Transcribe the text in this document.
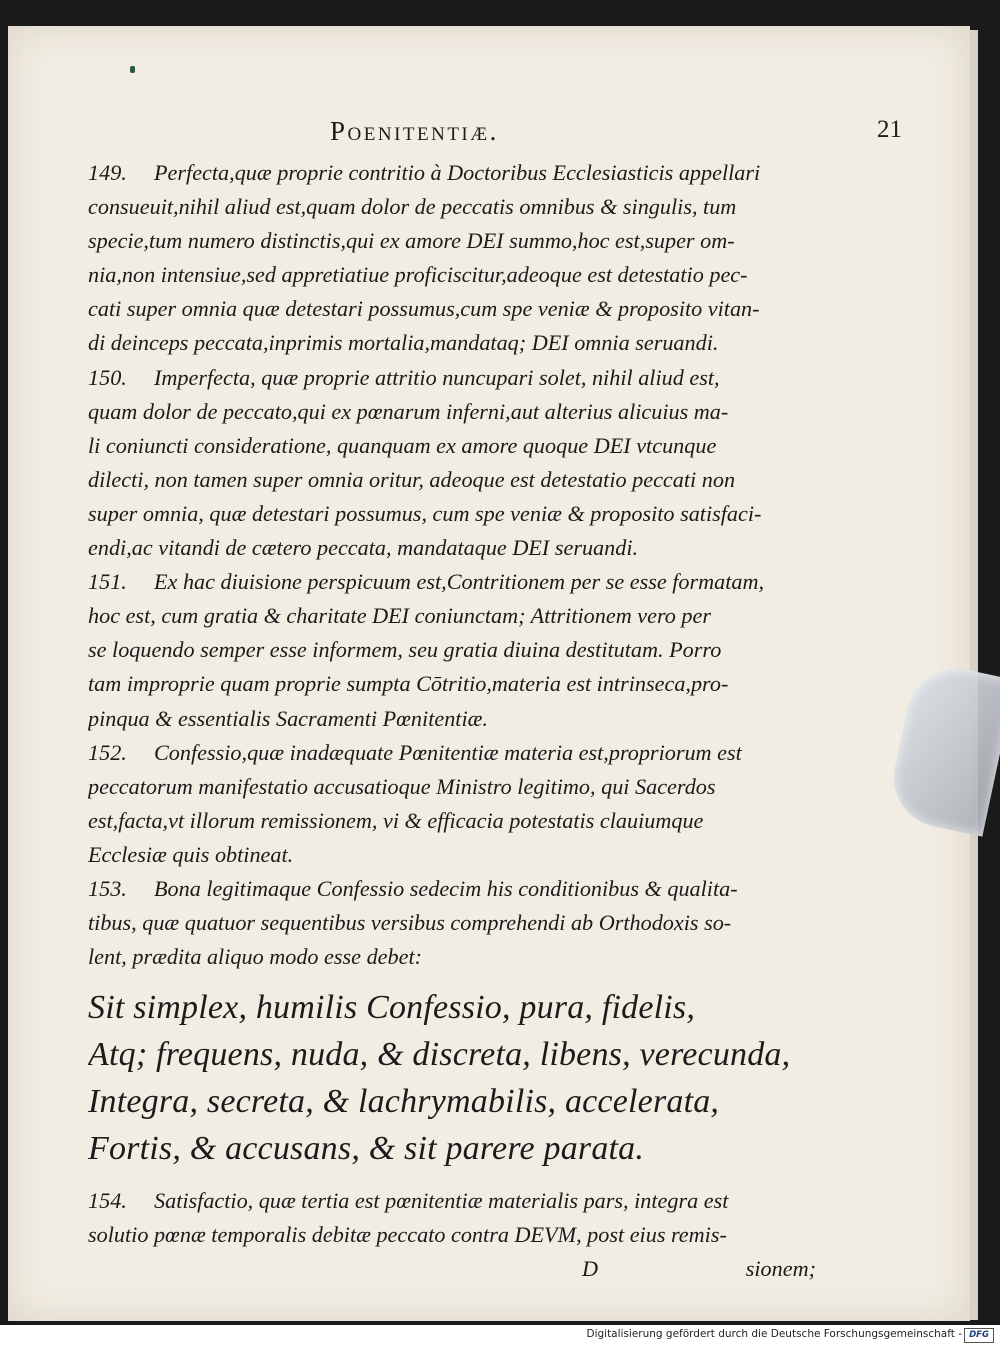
Poenitentiæ.	21
149. Perfecta,quæ proprie contritio à Doctoribus Ecclesiasticis appellari
consueuit,nihil aliud est,quam dolor de peccatis omnibus & singulis, tum
specie,tum numero distinctis,qui ex amore DEI summo,hoc est,super om-
nia,non intensiue,sed appretiatiue proficiscitur,adeoque est detestatio pec-
cati super omnia quæ detestari possumus,cum spe veniæ & proposito vitan-
di deinceps peccata,inprimis mortalia,mandataq; DEI omnia seruandi.
150. Imperfecta, quæ proprie attritio nuncupari solet, nihil aliud est,
quam dolor de peccato,qui ex pœnarum inferni,aut alterius alicuius ma-
li coniuncti consideratione, quanquam ex amore quoque DEI vtcunque
dilecti, non tamen super omnia oritur, adeoque est detestatio peccati non
super omnia, quæ detestari possumus, cum spe veniæ & proposito satisfaci-
endi,ac vitandi de cætero peccata, mandataque DEI seruandi.
151. Ex hac diuisione perspicuum est,Contritionem per se esse formatam,
hoc est, cum gratia & charitate DEI coniunctam; Attritionem vero per
se loquendo semper esse informem, seu gratia diuina destitutam. Porro
tam improprie quam proprie sumpta Cōtritio,materia est intrinseca,pro-
pinqua & essentialis Sacramenti Pœnitentiæ.
152. Confessio,quæ inadæquate Pœnitentiæ materia est,propriorum est
peccatorum manifestatio accusatioque Ministro legitimo, qui Sacerdos
est,facta,vt illorum remissionem, vi & efficacia potestatis clauiumque
Ecclesiæ quis obtineat.
153. Bona legitimaque Confessio sedecim his conditionibus & qualita-
tibus, quæ quatuor sequentibus versibus comprehendi ab Orthodoxis so-
lent, prædita aliquo modo esse debet:
Sit simplex, humilis Confessio, pura, fidelis,
Atq; frequens, nuda, & discreta, libens, verecunda,
Integra, secreta, & lachrymabilis, accelerata,
Fortis, & accusans, & sit parere parata.
154. Satisfactio, quæ tertia est pœnitentiæ materialis pars, integra est
solutio pœnæ temporalis debitæ peccato contra DEVM, post eius remis-
D	sionem;
Digitalisierung gefördert durch die Deutsche Forschungsgemeinschaft - DFG
